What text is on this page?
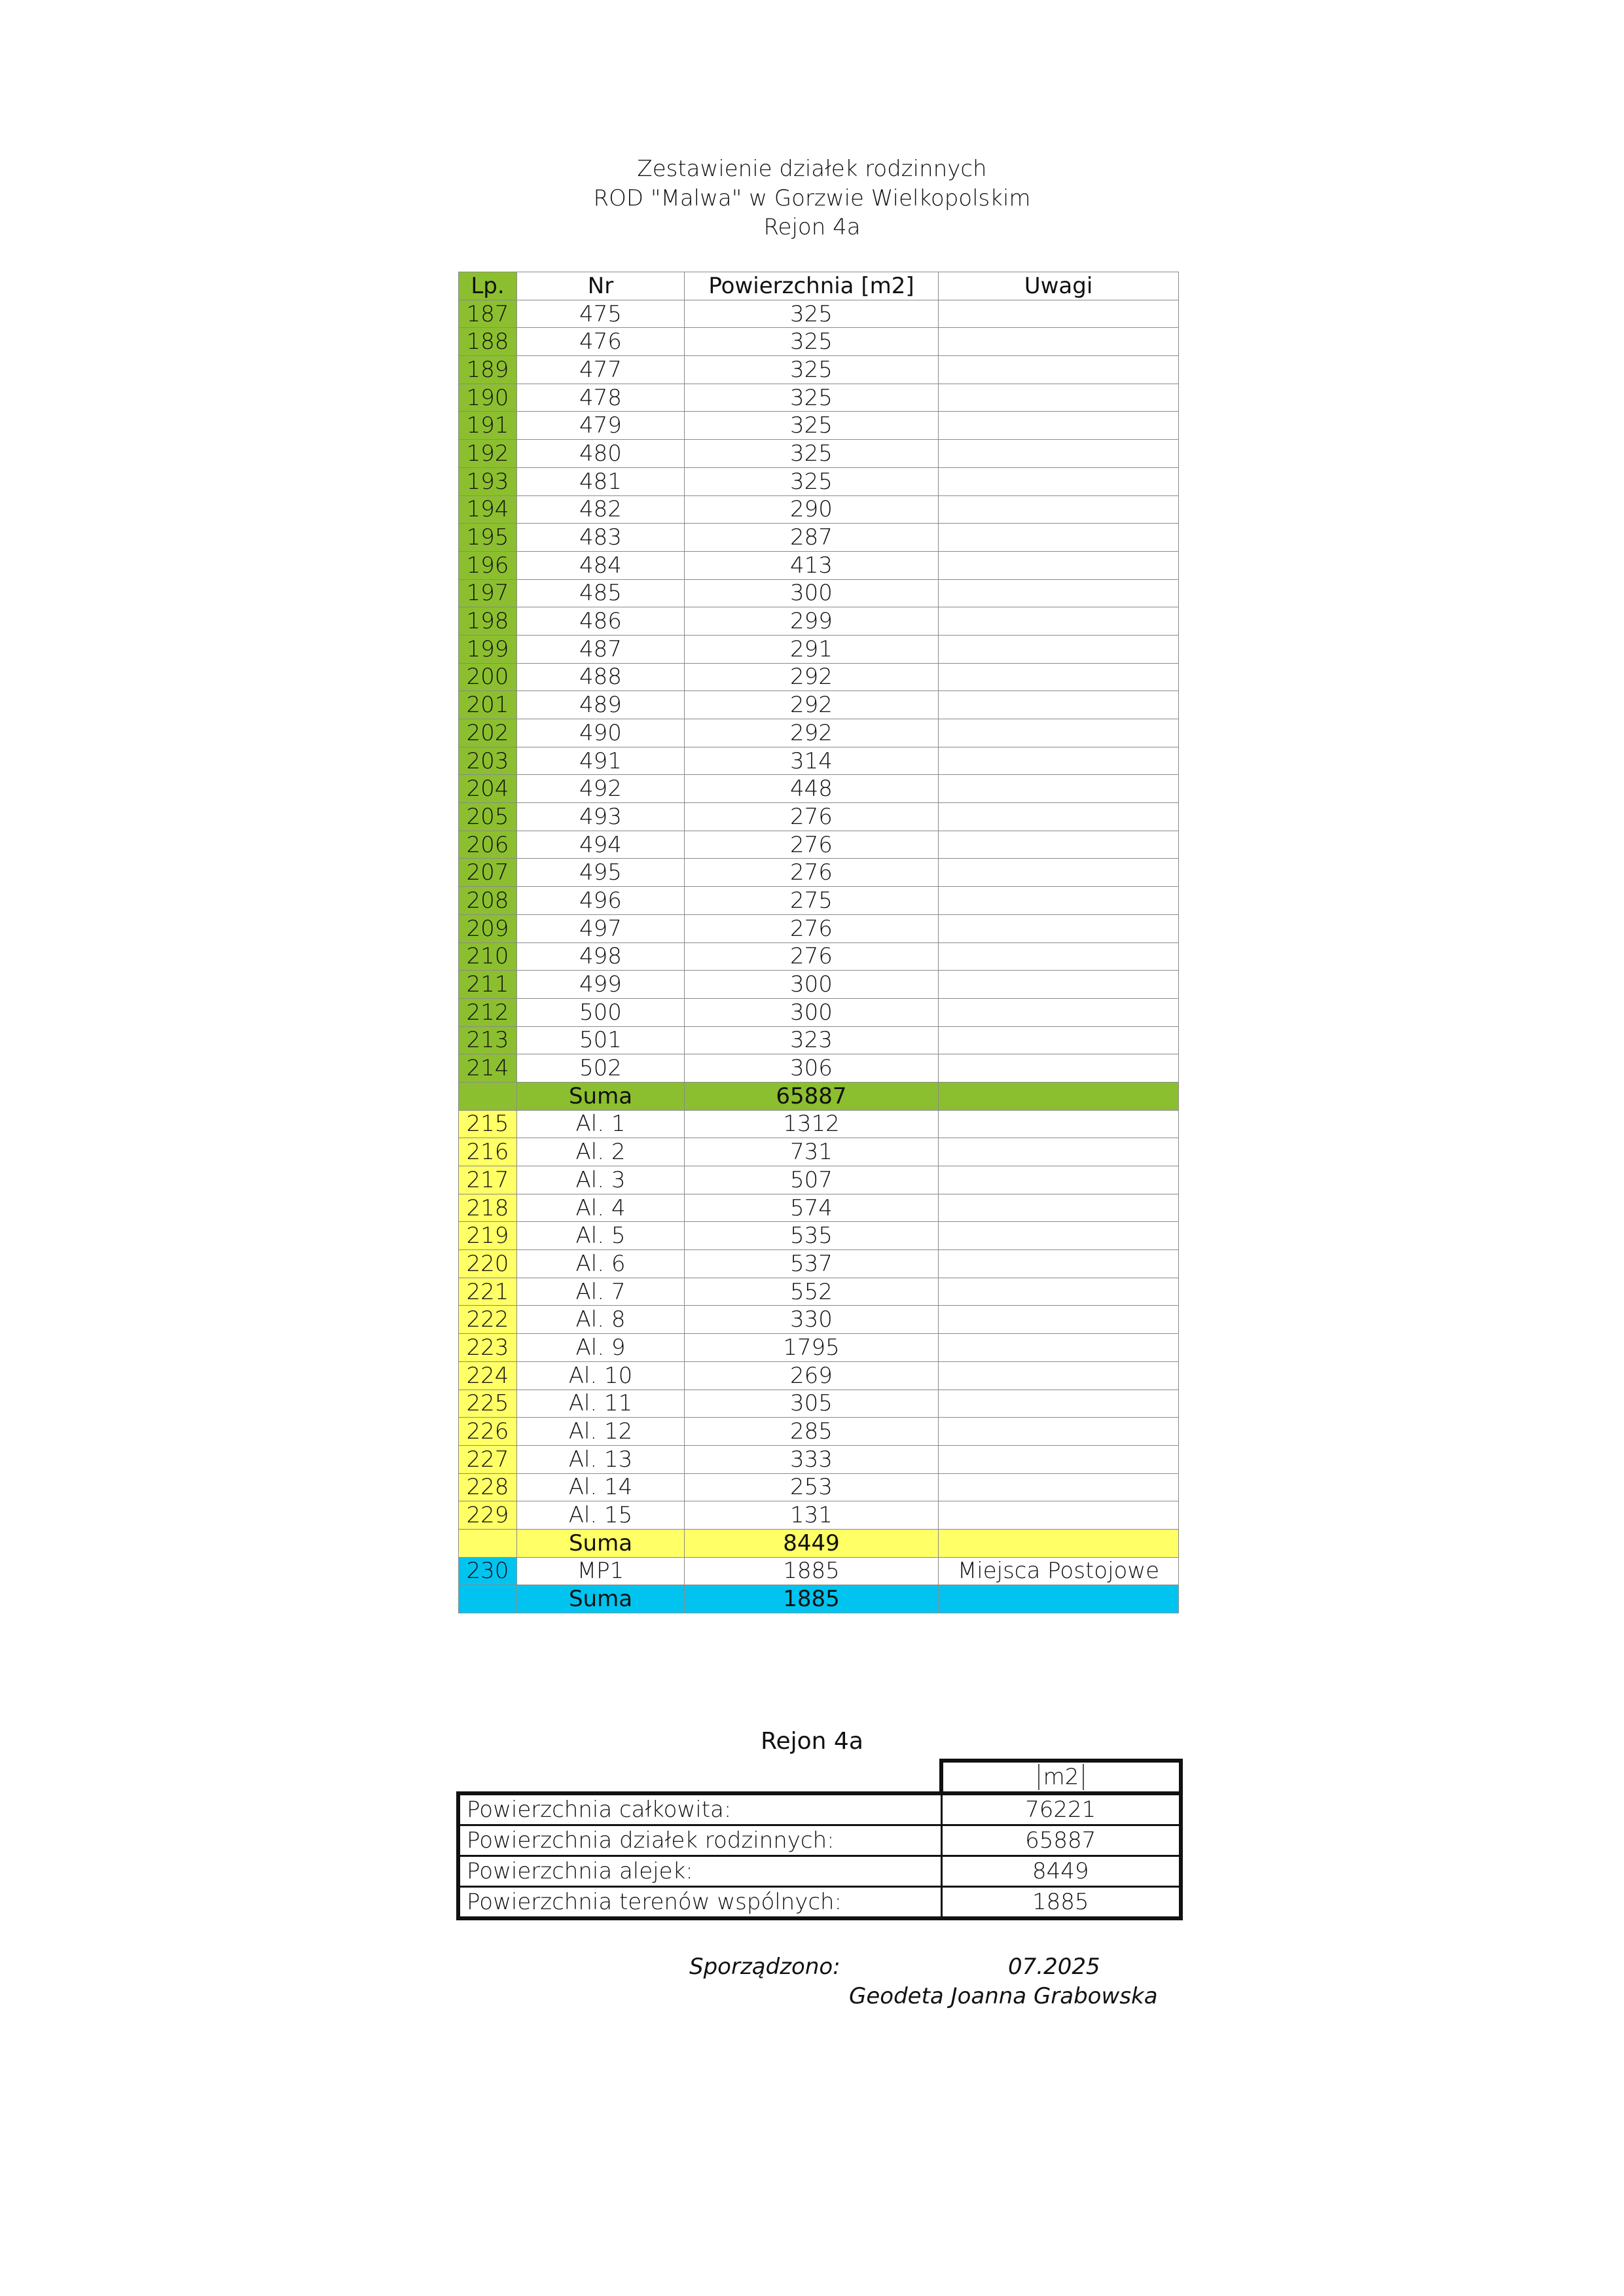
Zestawienie działek rodzinnych
ROD "Malwa" w Gorzwie Wielkopolskim
Rejon 4a
Lp.	Nr	Powierzchnia [m2]	Uwagi
187	475	325	
188	476	325	
189	477	325	
190	478	325	
191	479	325	
192	480	325	
193	481	325	
194	482	290	
195	483	287	
196	484	413	
197	485	300	
198	486	299	
199	487	291	
200	488	292	
201	489	292	
202	490	292	
203	491	314	
204	492	448	
205	493	276	
206	494	276	
207	495	276	
208	496	275	
209	497	276	
210	498	276	
211	499	300	
212	500	300	
213	501	323	
214	502	306	
	Suma	65887	
215	Al. 1	1312	
216	Al. 2	731	
217	Al. 3	507	
218	Al. 4	574	
219	Al. 5	535	
220	Al. 6	537	
221	Al. 7	552	
222	Al. 8	330	
223	Al. 9	1795	
224	Al. 10	269	
225	Al. 11	305	
226	Al. 12	285	
227	Al. 13	333	
228	Al. 14	253	
229	Al. 15	131	
	Suma	8449	
230	MP1	1885	Miejsca Postojowe
	Suma	1885	
Rejon 4a
	m2
Powierzchnia całkowita:	76221
Powierzchnia działek rodzinnych:	65887
Powierzchnia alejek:	8449
Powierzchnia terenów wspólnych:	1885
Sporządzono:	07.2025
Geodeta Joanna Grabowska
